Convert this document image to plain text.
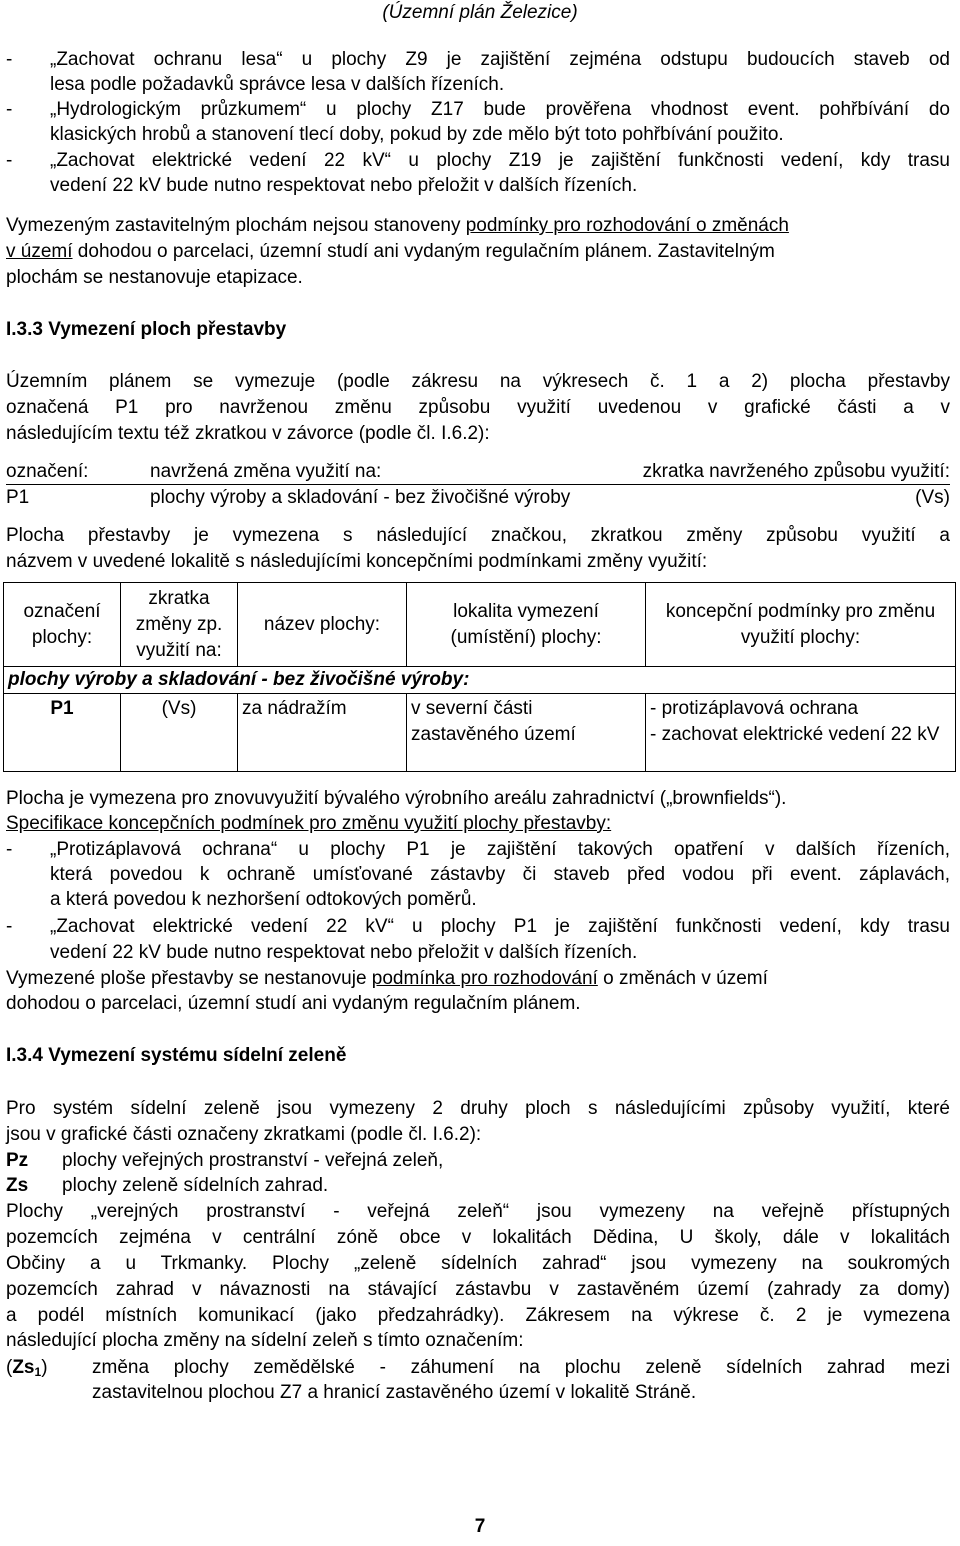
(Územní plán Železice)
- „Zachovat ochranu lesa“ u plochy Z9 je zajištění zejména odstupu budoucích staveb od
lesa podle požadavků správce lesa v dalších řízeních.
- „Hydrologickým průzkumem“ u plochy Z17 bude prověřena vhodnost event. pohřbívání do
klasických hrobů a stanovení tlecí doby, pokud by zde mělo být toto pohřbívání použito.
- „Zachovat elektrické vedení 22 kV“ u plochy Z19 je zajištění funkčnosti vedení, kdy trasu
vedení 22 kV bude nutno respektovat nebo přeložit v dalších řízeních.
Vymezeným zastavitelným plochám nejsou stanoveny podmínky pro rozhodování o změnách
v území dohodou o parcelaci, územní studí ani vydaným regulačním plánem. Zastavitelným
plochám se nestanovuje etapizace.
I.3.3 Vymezení ploch přestavby
Územním plánem se vymezuje (podle zákresu na výkresech č. 1 a 2) plocha přestavby
označená P1 pro navrženou změnu způsobu využití uvedenou v grafické části a v
následujícím textu též zkratkou v závorce (podle čl. I.6.2):
označení:	navržená změna využití na:	zkratka navrženého způsobu využití:
P1	plochy výroby a skladování - bez živočišné výroby	(Vs)
Plocha přestavby je vymezena s následující značkou, zkratkou změny způsobu využití a
názvem v uvedené lokalitě s následujícími koncepčními podmínkami změny využití:
označení plochy:	zkratka změny zp. využití na:	název plochy:	lokalita vymezení (umístění) plochy:	koncepční podmínky pro změnu využití plochy:
plochy výroby a skladování - bez živočišné výroby:				
P1	(Vs)	za nádražím	v severní části zastavěného území	- protizáplavová ochrana
- zachovat elektrické vedení 22 kV
Plocha je vymezena pro znovuvyužití bývalého výrobního areálu zahradnictví („brownfields“).
Specifikace koncepčních podmínek pro změnu využití plochy přestavby:
- „Protizáplavová ochrana“ u plochy P1 je zajištění takových opatření v dalších řízeních,
která povedou k ochraně umísťované zástavby či staveb před vodou při event. záplavách,
a která povedou k nezhoršení odtokových poměrů.
- „Zachovat elektrické vedení 22 kV“ u plochy P1 je zajištění funkčnosti vedení, kdy trasu
vedení 22 kV bude nutno respektovat nebo přeložit v dalších řízeních.
Vymezené ploše přestavby se nestanovuje podmínka pro rozhodování o změnách v území
dohodou o parcelaci, územní studí ani vydaným regulačním plánem.
I.3.4 Vymezení systému sídelní zeleně
Pro systém sídelní zeleně jsou vymezeny 2 druhy ploch s následujícími způsoby využití, které
jsou v grafické části označeny zkratkami (podle čl. I.6.2):
Pz plochy veřejných prostranství - veřejná zeleň,
Zs plochy zeleně sídelních zahrad.
Plochy „verejných prostranství - veřejná zeleň“ jsou vymezeny na veřejně přístupných
pozemcích zejména v centrální zóně obce v lokalitách Dědina, U školy, dále v lokalitách
Občiny a u Trkmanky. Plochy „zeleně sídelních zahrad“ jsou vymezeny na soukromých
pozemcích zahrad v návaznosti na stávající zástavbu v zastavěném území (zahrady za domy)
a podél místních komunikací (jako předzahrádky). Zákresem na výkrese č. 2 je vymezena
následující plocha změny na sídelní zeleň s tímto označením:
$(Zs_1)$ změna plochy zemědělské - záhumení na plochu zeleně sídelních zahrad mezi
zastavitelnou plochou Z7 a hranicí zastavěného území v lokalitě Stráně.
7
